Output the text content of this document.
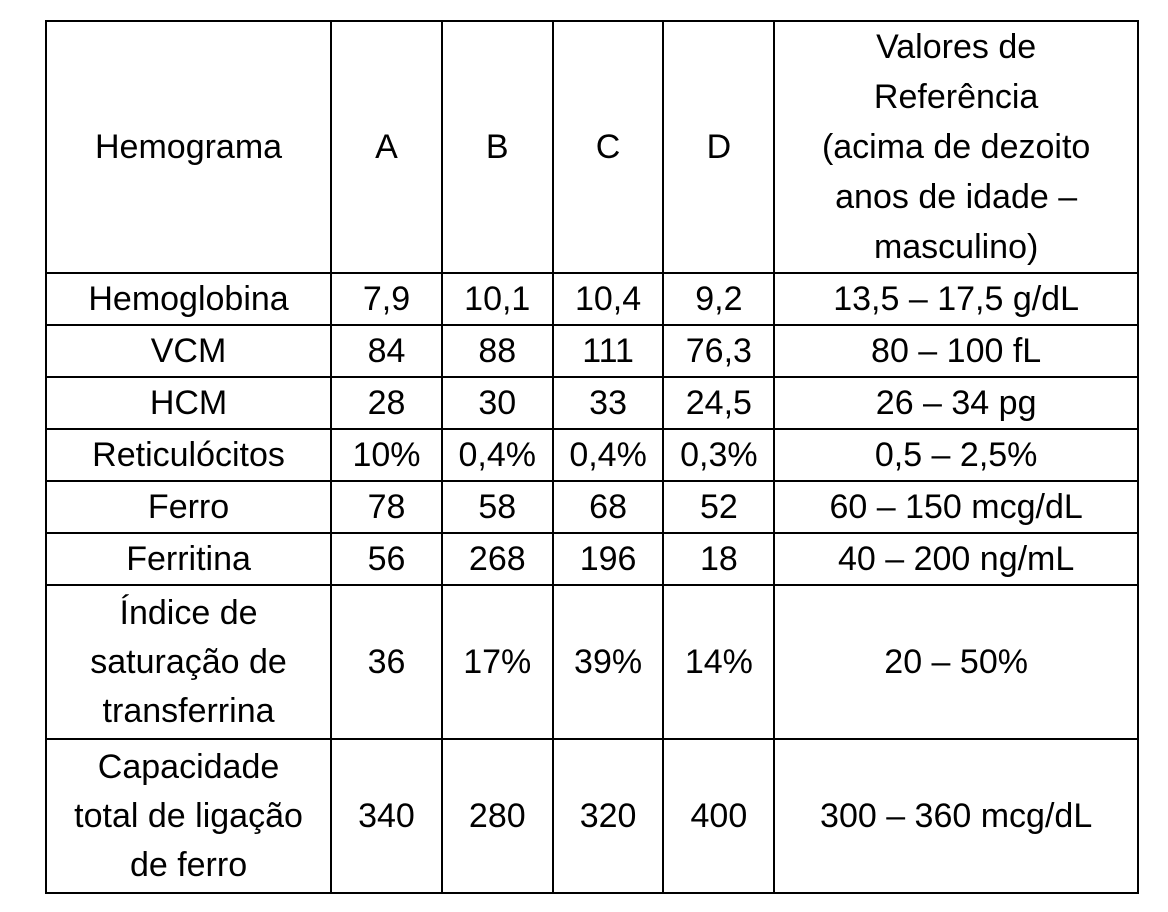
Hemograma	A	B	C	D	Valores de
Referência
(acima de dezoito
anos de idade –
masculino)

Hemoglobina	7,9	10,1	10,4	9,2	13,5 – 17,5 g/dL
VCM	84	88	111	76,3	80 – 100 fL
HCM	28	30	33	24,5	26 – 34 pg
Reticulócitos	10%	0,4%	0,4%	0,3%	0,5 – 2,5%
Ferro	78	58	68	52	60 – 150 mcg/dL
Ferritina	56	268	196	18	40 – 200 ng/mL

Índice de
saturação de
transferrina	36	17%	39%	14%	20 – 50%

Capacidade
total de ligação
de ferro	340	280	320	400	300 – 360 mcg/dL
